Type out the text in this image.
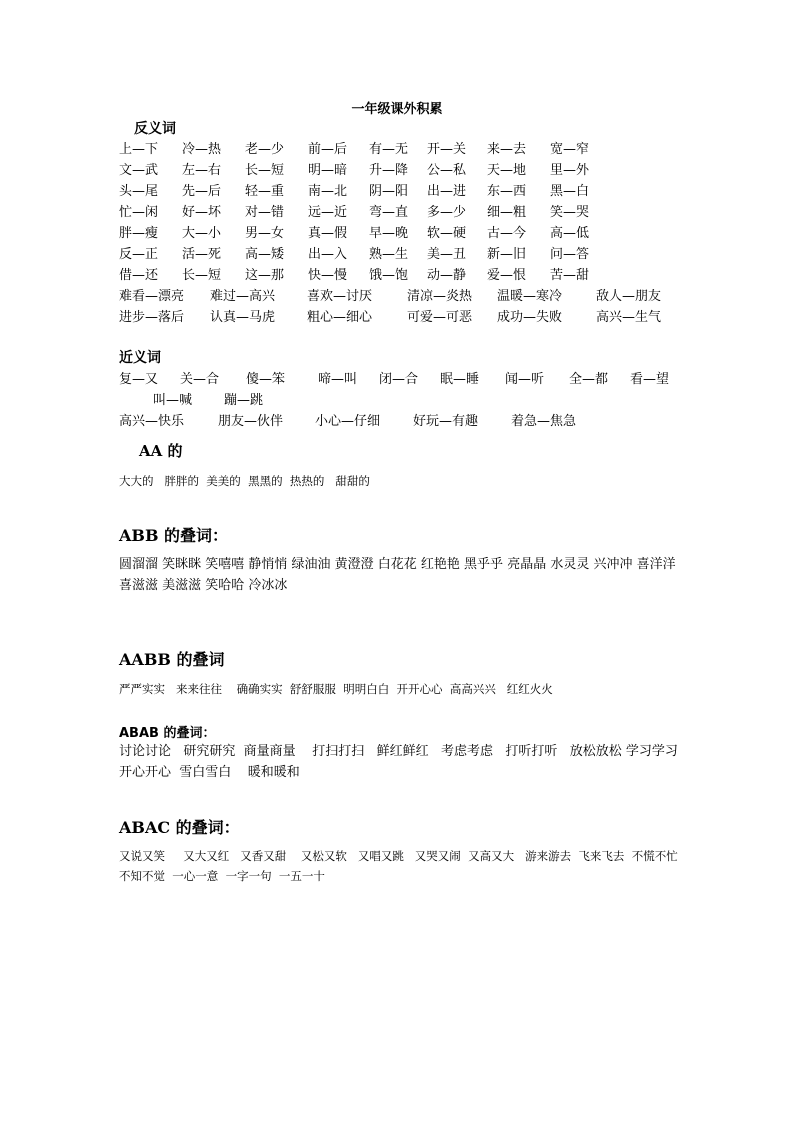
一年级课外积累
反义词
上—下 冷—热 老—少 前—后 有—无 开—关 来—去 宽—窄
文—武 左—右 长—短 明—暗 升—降 公—私 天—地 里—外
头—尾 先—后 轻—重 南—北 阴—阳 出—进 东—西 黑—白
忙—闲 好—坏 对—错 远—近 弯—直 多—少 细—粗 笑—哭
胖—瘦 大—小 男—女 真—假 早—晚 软—硬 古—今 高—低
反—正 活—死 高—矮 出—入 熟—生 美—丑 新—旧 问—答
借—还 长—短 这—那 快—慢 饿—饱 动—静 爱—恨 苦—甜
难看—漂亮 难过—高兴 喜欢—讨厌	清凉—炎热 温暖—寒冷	敌人—朋友
进步—落后 认真—马虎 粗心—细心	可爱—可恶 成功—失败	高兴—生气
近义词
复—又 关—合 傻—笨	啼—叫 闭—合 眠—睡 闻—听 全—都 看—望
叫—喊 蹦—跳
高兴—快乐	朋友—伙伴 小心—仔细	好玩—有趣	着急—焦急
AA 的
大大的   胖胖的  美美的  黑黑的  热热的   甜甜的
ABB 的叠词：
圆溜溜 笑眯眯 笑嘻嘻 静悄悄 绿油油 黄澄澄 白花花 红艳艳 黑乎乎 亮晶晶 水灵灵 兴冲冲 喜洋洋 喜滋滋 美滋滋 笑哈哈 冷冰冰
AABB 的叠词
严严实实   来来往往    确确实实  舒舒服服  明明白白  开开心心  高高兴兴   红红火火
ABAB 的叠词：
讨论讨论   研究研究  商量商量    打扫打扫   鲜红鲜红   考虑考虑   打听打听   放松放松 学习学习  开心开心  雪白雪白    暖和暖和
ABAC 的叠词：
又说又笑     又大又红   又香又甜    又松又软   又唱又跳   又哭又闹  又高又大   游来游去  飞来飞去  不慌不忙  不知不觉  一心一意  一字一句  一五一十
